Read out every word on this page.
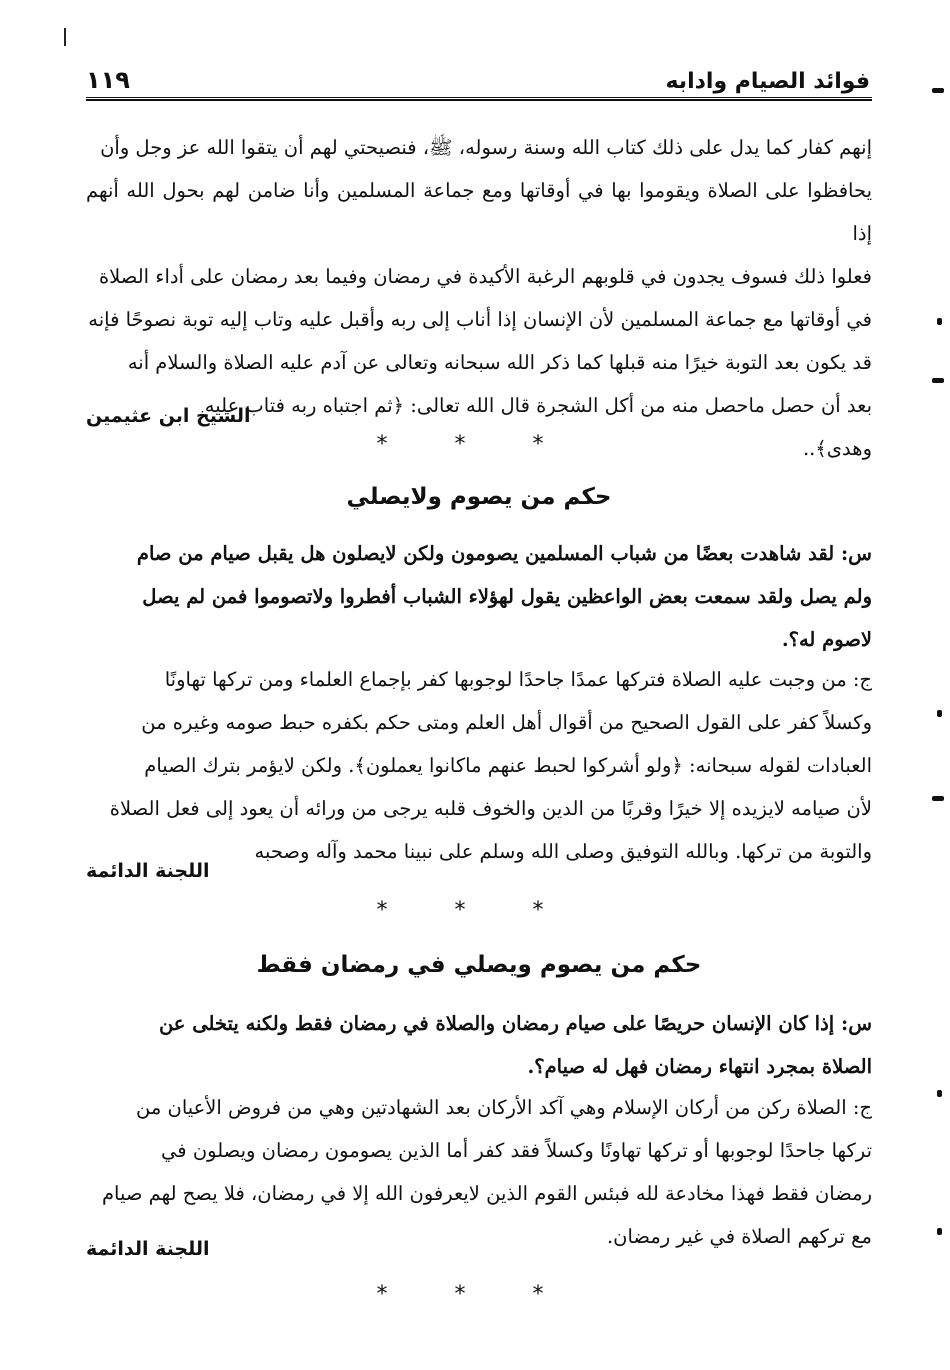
فوائد الصيام وادابه
١١٩
إنهم كفار كما يدل على ذلك كتاب الله وسنة رسوله، ﷺ، فنصيحتي لهم أن يتقوا الله عز وجل وأن
يحافظوا على الصلاة ويقوموا بها في أوقاتها ومع جماعة المسلمين وأنا ضامن لهم بحول الله أنهم إذا
فعلوا ذلك فسوف يجدون في قلوبهم الرغبة الأكيدة في رمضان وفيما بعد رمضان على أداء الصلاة
في أوقاتها مع جماعة المسلمين لأن الإنسان إذا أناب إلى ربه وأقبل عليه وتاب إليه توبة نصوحًا فإنه
قد يكون بعد التوبة خيرًا منه قبلها كما ذكر الله سبحانه وتعالى عن آدم عليه الصلاة والسلام أنه
بعد أن حصل ماحصل منه من أكل الشجرة قال الله تعالى: ﴿ثم اجتباه ربه فتاب عليه
وهدى﴾..
الشيخ ابن عثيمين
* * *
حكم من يصوم ولايصلي
س: لقد شاهدت بعضًا من شباب المسلمين يصومون ولكن لايصلون هل يقبل صيام من صام
ولم يصل ولقد سمعت بعض الواعظين يقول لهؤلاء الشباب أفطروا ولاتصوموا فمن لم يصل
لاصوم له؟.
ج: من وجبت عليه الصلاة فتركها عمدًا جاحدًا لوجوبها كفر بإجماع العلماء ومن تركها تهاونًا
وكسلاً كفر على القول الصحيح من أقوال أهل العلم ومتى حكم بكفره حبط صومه وغيره من
العبادات لقوله سبحانه: ﴿ولو أشركوا لحبط عنهم ماكانوا يعملون﴾. ولكن لايؤمر بترك الصيام
لأن صيامه لايزيده إلا خيرًا وقربًا من الدين والخوف قلبه يرجى من ورائه أن يعود إلى فعل الصلاة
والتوبة من تركها. وبالله التوفيق وصلى الله وسلم على نبينا محمد وآله وصحبه
اللجنة الدائمة
* * *
حكم من يصوم ويصلي في رمضان فقط
س: إذا كان الإنسان حريصًا على صيام رمضان والصلاة في رمضان فقط ولكنه يتخلى عن
الصلاة بمجرد انتهاء رمضان فهل له صيام؟.
ج: الصلاة ركن من أركان الإسلام وهي آكد الأركان بعد الشهادتين وهي من فروض الأعيان من
تركها جاحدًا لوجوبها أو تركها تهاونًا وكسلاً فقد كفر أما الذين يصومون رمضان ويصلون في
رمضان فقط فهذا مخادعة لله فبئس القوم الذين لايعرفون الله إلا في رمضان، فلا يصح لهم صيام
مع تركهم الصلاة في غير رمضان.
اللجنة الدائمة
* * *
